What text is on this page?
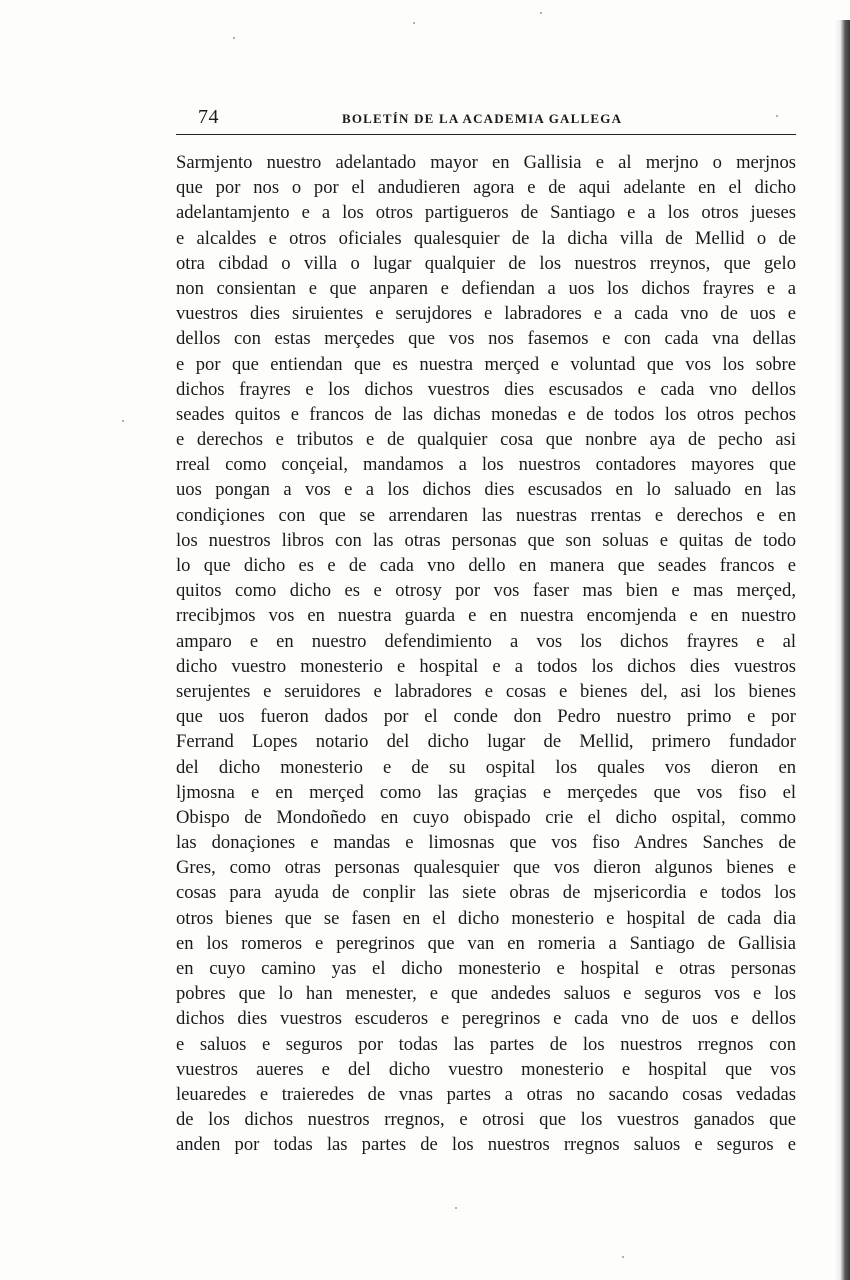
74	BOLETÍN DE LA ACADEMIA GALLEGA
Sarmjento nuestro adelantado mayor en Gallisia e al merjno o merjnos
que por nos o por el andudieren agora e de aqui adelante en el dicho
adelantamjento e a los otros partigueros de Santiago e a los otros jueses
e alcaldes e otros oficiales qualesquier de la dicha villa de Mellid o de
otra cibdad o villa o lugar qualquier de los nuestros rreynos, que gelo
non consientan e que anparen e defiendan a uos los dichos frayres e a
vuestros dies siruientes e serujdores e labradores e a cada vno de uos e
dellos con estas merçedes que vos nos fasemos e con cada vna dellas
e por que entiendan que es nuestra merçed e voluntad que vos los sobre
dichos frayres e los dichos vuestros dies escusados e cada vno dellos
seades quitos e francos de las dichas monedas e de todos los otros pechos
e derechos e tributos e de qualquier cosa que nonbre aya de pecho asi
rreal como conçeial, mandamos a los nuestros contadores mayores que
uos pongan a vos e a los dichos dies escusados en lo saluado en las
condiçiones con que se arrendaren las nuestras rrentas e derechos e en
los nuestros libros con las otras personas que son soluas e quitas de todo
lo que dicho es e de cada vno dello en manera que seades francos e
quitos como dicho es e otrosy por vos faser mas bien e mas merçed,
rrecibjmos vos en nuestra guarda e en nuestra encomjenda e en nuestro
amparo e en nuestro defendimiento a vos los dichos frayres e al
dicho vuestro monesterio e hospital e a todos los dichos dies vuestros
serujentes e seruidores e labradores e cosas e bienes del, asi los bienes
que uos fueron dados por el conde don Pedro nuestro primo e por
Ferrand Lopes notario del dicho lugar de Mellid, primero fundador
del dicho monesterio e de su ospital los quales vos dieron en
ljmosna e en merçed como las graçias e merçedes que vos fiso el
Obispo de Mondoñedo en cuyo obispado crie el dicho ospital, commo
las donaçiones e mandas e limosnas que vos fiso Andres Sanches de
Gres, como otras personas qualesquier que vos dieron algunos bienes e
cosas para ayuda de conplir las siete obras de mjsericordia e todos los
otros bienes que se fasen en el dicho monesterio e hospital de cada dia
en los romeros e peregrinos que van en romeria a Santiago de Gallisia
en cuyo camino yas el dicho monesterio e hospital e otras personas
pobres que lo han menester, e que andedes saluos e seguros vos e los
dichos dies vuestros escuderos e peregrinos e cada vno de uos e dellos
e saluos e seguros por todas las partes de los nuestros rregnos con
vuestros aueres e del dicho vuestro monesterio e hospital que vos
leuaredes e traieredes de vnas partes a otras no sacando cosas vedadas
de los dichos nuestros rregnos, e otrosi que los vuestros ganados que
anden por todas las partes de los nuestros rregnos saluos e seguros e
